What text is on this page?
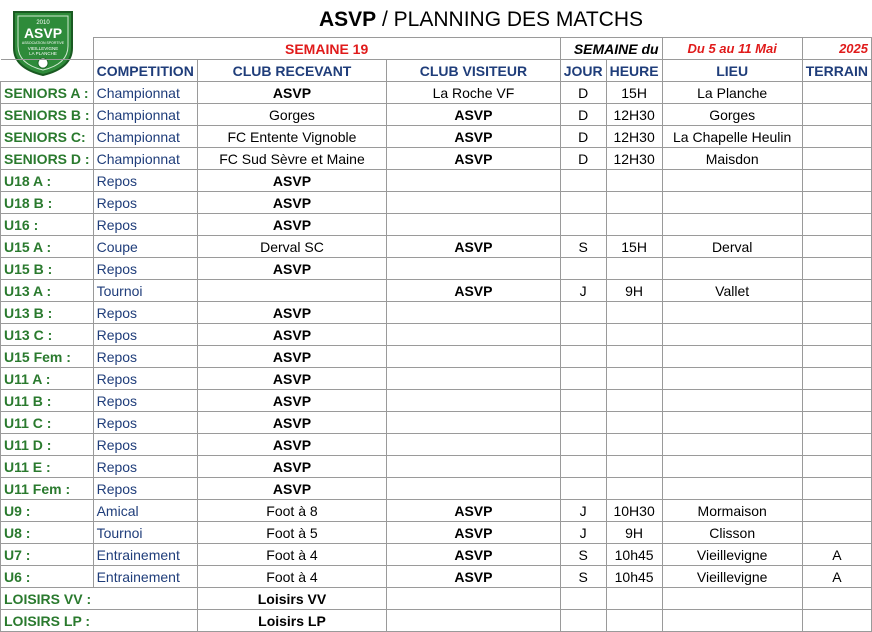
ASVP / PLANNING DES MATCHS
2010
ASVP
ASSOCIATION SPORTIVE
VIEILLEVIGNE
LA PLANCHE
		SEMAINE 19			SEMAINE du		Du 5 au 11 Mai	2025
	COMPETITION	CLUB RECEVANT	CLUB VISITEUR	JOUR	HEURE	LIEU	TERRAIN
SENIORS A :	Championnat	ASVP	La Roche VF	D	15H	La Planche	
SENIORS B :	Championnat	Gorges	ASVP	D	12H30	Gorges	
SENIORS C:	Championnat	FC Entente Vignoble	ASVP	D	12H30	La Chapelle Heulin	
SENIORS D :	Championnat	FC Sud Sèvre et Maine	ASVP	D	12H30	Maisdon	
U18 A :	Repos	ASVP					
U18 B :	Repos	ASVP					
U16 :	Repos	ASVP					
U15 A :	Coupe	Derval SC	ASVP	S	15H	Derval	
U15 B :	Repos	ASVP					
U13 A :	Tournoi		ASVP	J	9H	Vallet	
U13 B :	Repos	ASVP					
U13 C :	Repos	ASVP					
U15 Fem :	Repos	ASVP					
U11 A :	Repos	ASVP					
U11 B :	Repos	ASVP					
U11 C :	Repos	ASVP					
U11 D :	Repos	ASVP					
U11 E :	Repos	ASVP					
U11 Fem :	Repos	ASVP					
U9 :	Amical	Foot à 8	ASVP	J	10H30	Mormaison	
U8 :	Tournoi	Foot à 5	ASVP	J	9H	Clisson	
U7 :	Entrainement	Foot à 4	ASVP	S	10h45	Vieillevigne	A
U6 :	Entrainement	Foot à 4	ASVP	S	10h45	Vieillevigne	A
LOISIRS VV :		Loisirs VV					
LOISIRS LP :		Loisirs LP					
